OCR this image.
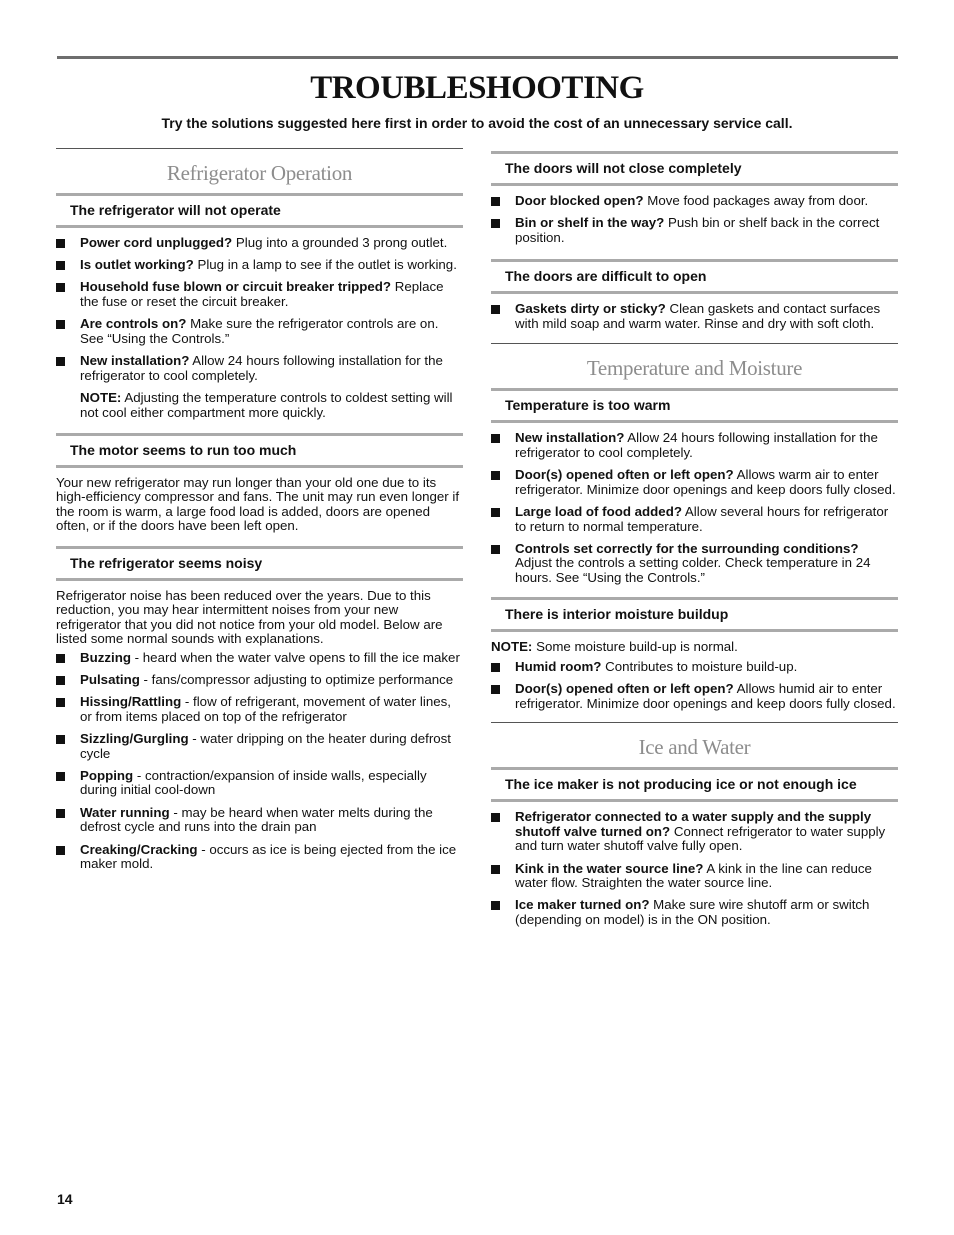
TROUBLESHOOTING
Try the solutions suggested here first in order to avoid the cost of an unnecessary service call.
Refrigerator Operation
The refrigerator will not operate
Power cord unplugged? Plug into a grounded 3 prong outlet.
Is outlet working? Plug in a lamp to see if the outlet is working.
Household fuse blown or circuit breaker tripped? Replace the fuse or reset the circuit breaker.
Are controls on? Make sure the refrigerator controls are on. See “Using the Controls.”
New installation? Allow 24 hours following installation for the refrigerator to cool completely.
NOTE: Adjusting the temperature controls to coldest setting will not cool either compartment more quickly.
The motor seems to run too much

Your new refrigerator may run longer than your old one due to its high-efficiency compressor and fans. The unit may run even longer if the room is warm, a large food load is added, doors are opened often, or if the doors have been left open.

The refrigerator seems noisy

Refrigerator noise has been reduced over the years. Due to this reduction, you may hear intermittent noises from your new refrigerator that you did not notice from your old model. Below are listed some normal sounds with explanations.

Buzzing - heard when the water valve opens to fill the ice maker
Pulsating - fans/compressor adjusting to optimize performance
Hissing/Rattling - flow of refrigerant, movement of water lines, or from items placed on top of the refrigerator
Sizzling/Gurgling - water dripping on the heater during defrost cycle
Popping - contraction/expansion of inside walls, especially during initial cool-down
Water running - may be heard when water melts during the defrost cycle and runs into the drain pan
Creaking/Cracking - occurs as ice is being ejected from the ice maker mold.
The doors will not close completely
Door blocked open? Move food packages away from door.
Bin or shelf in the way? Push bin or shelf back in the correct position.
The doors are difficult to open
Gaskets dirty or sticky? Clean gaskets and contact surfaces with mild soap and warm water. Rinse and dry with soft cloth.
Temperature and Moisture
Temperature is too warm
New installation? Allow 24 hours following installation for the refrigerator to cool completely.
Door(s) opened often or left open? Allows warm air to enter refrigerator. Minimize door openings and keep doors fully closed.
Large load of food added? Allow several hours for refrigerator to return to normal temperature.
Controls set correctly for the surrounding conditions? Adjust the controls a setting colder. Check temperature in 24 hours. See “Using the Controls.”
There is interior moisture buildup

NOTE: Some moisture build-up is normal.

Humid room? Contributes to moisture build-up.
Door(s) opened often or left open? Allows humid air to enter refrigerator. Minimize door openings and keep doors fully closed.
Ice and Water
The ice maker is not producing ice or not enough ice
Refrigerator connected to a water supply and the supply shutoff valve turned on? Connect refrigerator to water supply and turn water shutoff valve fully open.
Kink in the water source line? A kink in the line can reduce water flow. Straighten the water source line.
Ice maker turned on? Make sure wire shutoff arm or switch (depending on model) is in the ON position.
14
